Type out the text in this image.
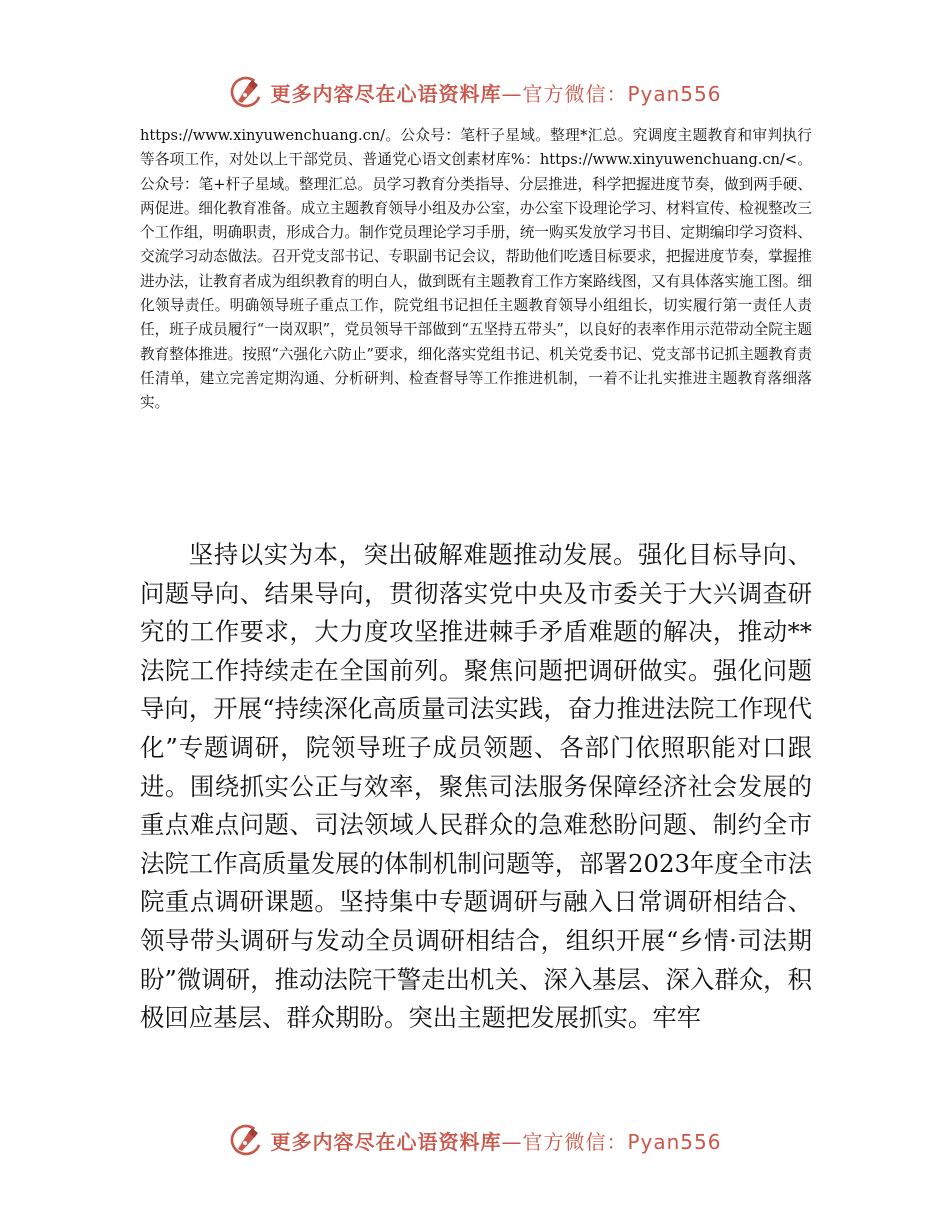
更多内容尽在心语资料库—官方微信：Pyan556

https://www.xinyuwenchuang.cn/。公众号：笔杆子星域。整理*汇总。究调度主题教育和审判执行等各项工作，对处以上干部党员、普通党心语文创素材库%：https://www.xinyuwenchuang.cn/<。公众号：笔+杆子星域。整理汇总。员学习教育分类指导、分层推进，科学把握进度节奏，做到两手硬、两促进。细化教育准备。成立主题教育领导小组及办公室，办公室下设理论学习、材料宣传、检视整改三个工作组，明确职责，形成合力。制作党员理论学习手册，统一购买发放学习书目、定期编印学习资料、交流学习动态做法。召开党支部书记、专职副书记会议，帮助他们吃透目标要求，把握进度节奏，掌握推进办法，让教育者成为组织教育的明白人，做到既有主题教育工作方案路线图，又有具体落实施工图。细化领导责任。明确领导班子重点工作，院党组书记担任主题教育领导小组组长，切实履行第一责任人责任，班子成员履行“一岗双职”，党员领导干部做到“五坚持五带头”，以良好的表率作用示范带动全院主题教育整体推进。按照“六强化六防止”要求，细化落实党组书记、机关党委书记、党支部书记抓主题教育责任清单，建立完善定期沟通、分析研判、检查督导等工作推进机制，一着不让扎实推进主题教育落细落实。

坚持以实为本，突出破解难题推动发展。强化目标导向、问题导向、结果导向，贯彻落实党中央及市委关于大兴调查研究的工作要求，大力度攻坚推进棘手矛盾难题的解决，推动**法院工作持续走在全国前列。聚焦问题把调研做实。强化问题导向，开展“持续深化高质量司法实践，奋力推进法院工作现代化”专题调研，院领导班子成员领题、各部门依照职能对口跟进。围绕抓实公正与效率，聚焦司法服务保障经济社会发展的重点难点问题、司法领域人民群众的急难愁盼问题、制约全市法院工作高质量发展的体制机制问题等，部署2023年度全市法院重点调研课题。坚持集中专题调研与融入日常调研相结合、领导带头调研与发动全员调研相结合，组织开展“乡情·司法期盼”微调研，推动法院干警走出机关、深入基层、深入群众，积极回应基层、群众期盼。突出主题把发展抓实。牢牢

更多内容尽在心语资料库—官方微信：Pyan556
